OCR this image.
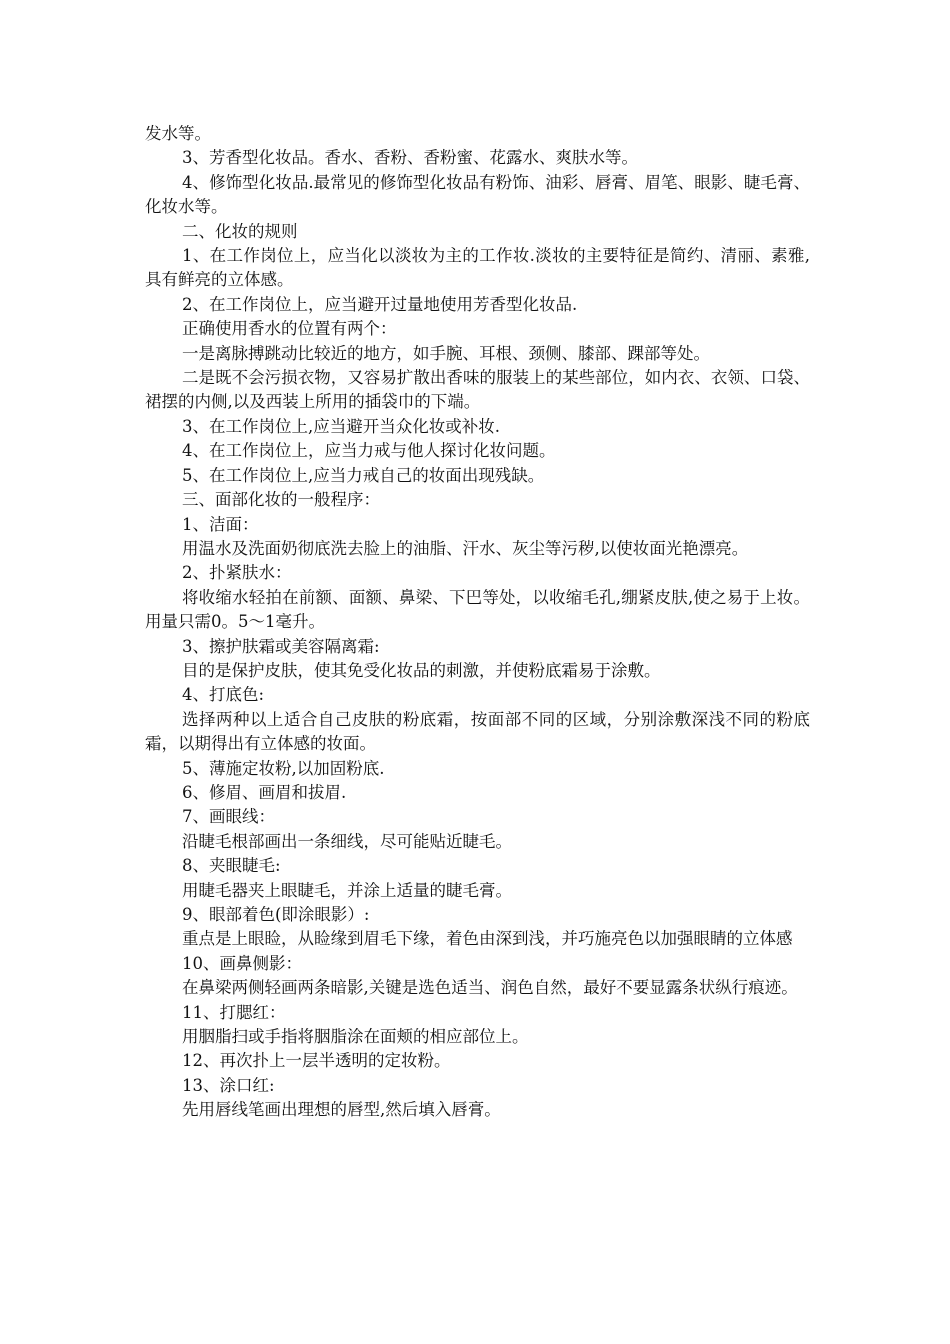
发水等。

3、芳香型化妆品。香水、香粉、香粉蜜、花露水、爽肤水等。

4、修饰型化妆品.最常见的修饰型化妆品有粉饰、油彩、唇膏、眉笔、眼影、睫毛膏、化妆水等。

二、化妆的规则

1、在工作岗位上，应当化以淡妆为主的工作妆.淡妆的主要特征是简约、清丽、素雅,具有鲜亮的立体感。

2、在工作岗位上，应当避开过量地使用芳香型化妆品.

正确使用香水的位置有两个：

一是离脉搏跳动比较近的地方，如手腕、耳根、颈侧、膝部、踝部等处。

二是既不会污损衣物，又容易扩散出香味的服装上的某些部位，如内衣、衣领、口袋、裙摆的内侧,以及西装上所用的插袋巾的下端。

3、在工作岗位上,应当避开当众化妆或补妆.

4、在工作岗位上，应当力戒与他人探讨化妆问题。

5、在工作岗位上,应当力戒自己的妆面出现残缺。

三、面部化妆的一般程序：

1、洁面：

用温水及洗面奶彻底洗去脸上的油脂、汗水、灰尘等污秽,以使妆面光艳漂亮。

2、扑紧肤水：

将收缩水轻拍在前额、面额、鼻梁、下巴等处，以收缩毛孔,绷紧皮肤,使之易于上妆。用量只需0。5～1毫升。

3、擦护肤霜或美容隔离霜:

目的是保护皮肤，使其免受化妆品的刺激，并使粉底霜易于涂敷。

4、打底色:

选择两种以上适合自己皮肤的粉底霜，按面部不同的区域，分别涂敷深浅不同的粉底霜，以期得出有立体感的妆面。

5、薄施定妆粉,以加固粉底.

6、修眉、画眉和拔眉.

7、画眼线：

沿睫毛根部画出一条细线，尽可能贴近睫毛。

8、夹眼睫毛:

用睫毛器夹上眼睫毛，并涂上适量的睫毛膏。

9、眼部着色(即涂眼影）:

重点是上眼睑，从睑缘到眉毛下缘，着色由深到浅，并巧施亮色以加强眼睛的立体感

10、画鼻侧影：

在鼻梁两侧轻画两条暗影,关键是选色适当、润色自然，最好不要显露条状纵行痕迹。

11、打腮红：

用胭脂扫或手指将胭脂涂在面颊的相应部位上。

12、再次扑上一层半透明的定妆粉。

13、涂口红:

先用唇线笔画出理想的唇型,然后填入唇膏。
